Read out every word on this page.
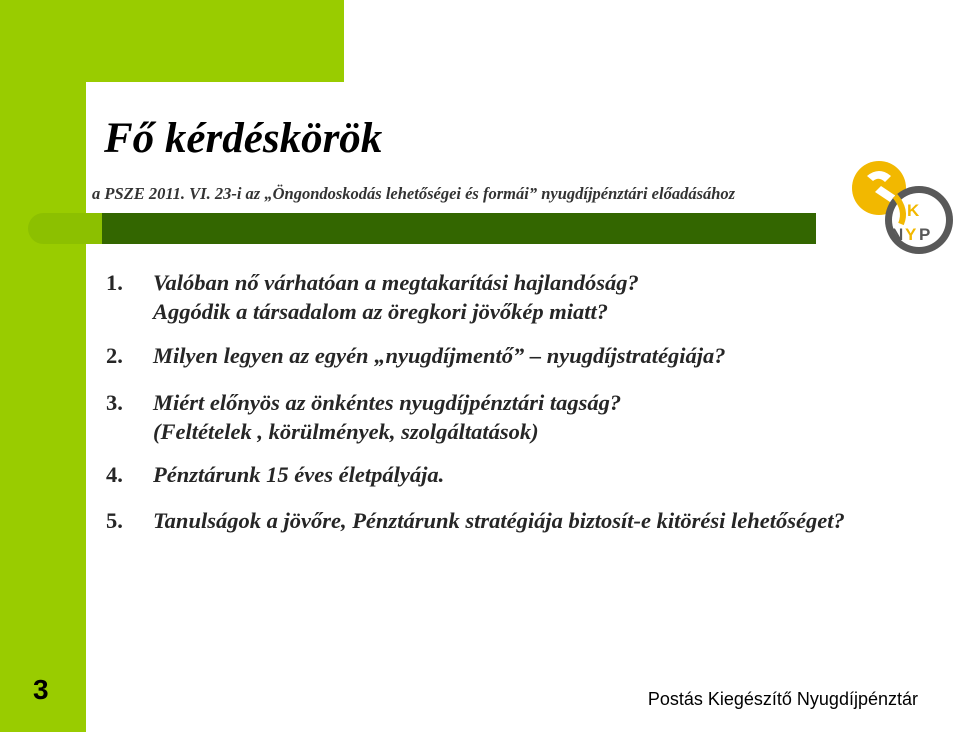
Fő kérdéskörök
a PSZE 2011. VI. 23-i az „Öngondoskodás lehetőségei és formái” nyugdíjpénztári előadásához
K
N Y P
1. Valóban nő várhatóan a megtakarítási hajlandóság?
Aggódik a társadalom az öregkori jövőkép miatt?
2. Milyen legyen az egyén „nyugdíjmentő” – nyugdíjstratégiája?
3. Miért előnyös az önkéntes nyugdíjpénztári tagság?
(Feltételek , körülmények, szolgáltatások)
4. Pénztárunk 15 éves életpályája.
5. Tanulságok a jövőre, Pénztárunk stratégiája biztosít-e kitörési lehetőséget?
3	Postás Kiegészítő Nyugdíjpénztár
